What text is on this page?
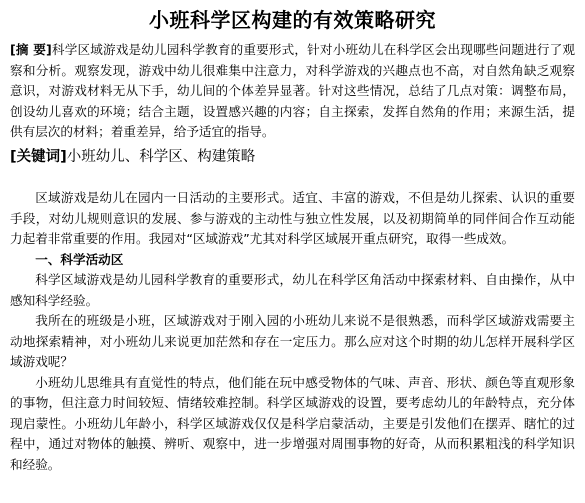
小班科学区构建的有效策略研究
[摘 要]科学区域游戏是幼儿园科学教育的重要形式，针对小班幼儿在科学区会出现哪些问题进行了观察和分析。观察发现，游戏中幼儿很难集中注意力，对科学游戏的兴趣点也不高，对自然角缺乏观察意识，对游戏材料无从下手，幼儿间的个体差异显著。针对这些情况，总结了几点对策：调整布局，创设幼儿喜欢的环境；结合主题，设置感兴趣的内容；自主探索，发挥自然角的作用；来源生活，提供有层次的材料；着重差异，给予适宜的指导。
[关键词]小班幼儿、科学区、构建策略

区域游戏是幼儿在园内一日活动的主要形式。适宜、丰富的游戏，不但是幼儿探索、认识的重要手段，对幼儿规则意识的发展、参与游戏的主动性与独立性发展，以及初期简单的同伴间合作互动能力起着非常重要的作用。我园对“区域游戏”尤其对科学区域展开重点研究，取得一些成效。

一、科学活动区

科学区域游戏是幼儿园科学教育的重要形式，幼儿在科学区角活动中探索材料、自由操作，从中感知科学经验。

我所在的班级是小班，区域游戏对于刚入园的小班幼儿来说不是很熟悉，而科学区域游戏需要主动地探索精神，对小班幼儿来说更加茫然和存在一定压力。那么应对这个时期的幼儿怎样开展科学区域游戏呢？

小班幼儿思维具有直觉性的特点，他们能在玩中感受物体的气味、声音、形状、颜色等直观形象的事物，但注意力时间较短、情绪较难控制。科学区域游戏的设置，要考虑幼儿的年龄特点，充分体现启蒙性。小班幼儿年龄小，科学区域游戏仅仅是科学启蒙活动，主要是引发他们在摆弄、瞎忙的过程中，通过对物体的触摸、辨听、观察中，进一步增强对周围事物的好奇，从而积累粗浅的科学知识和经验。
